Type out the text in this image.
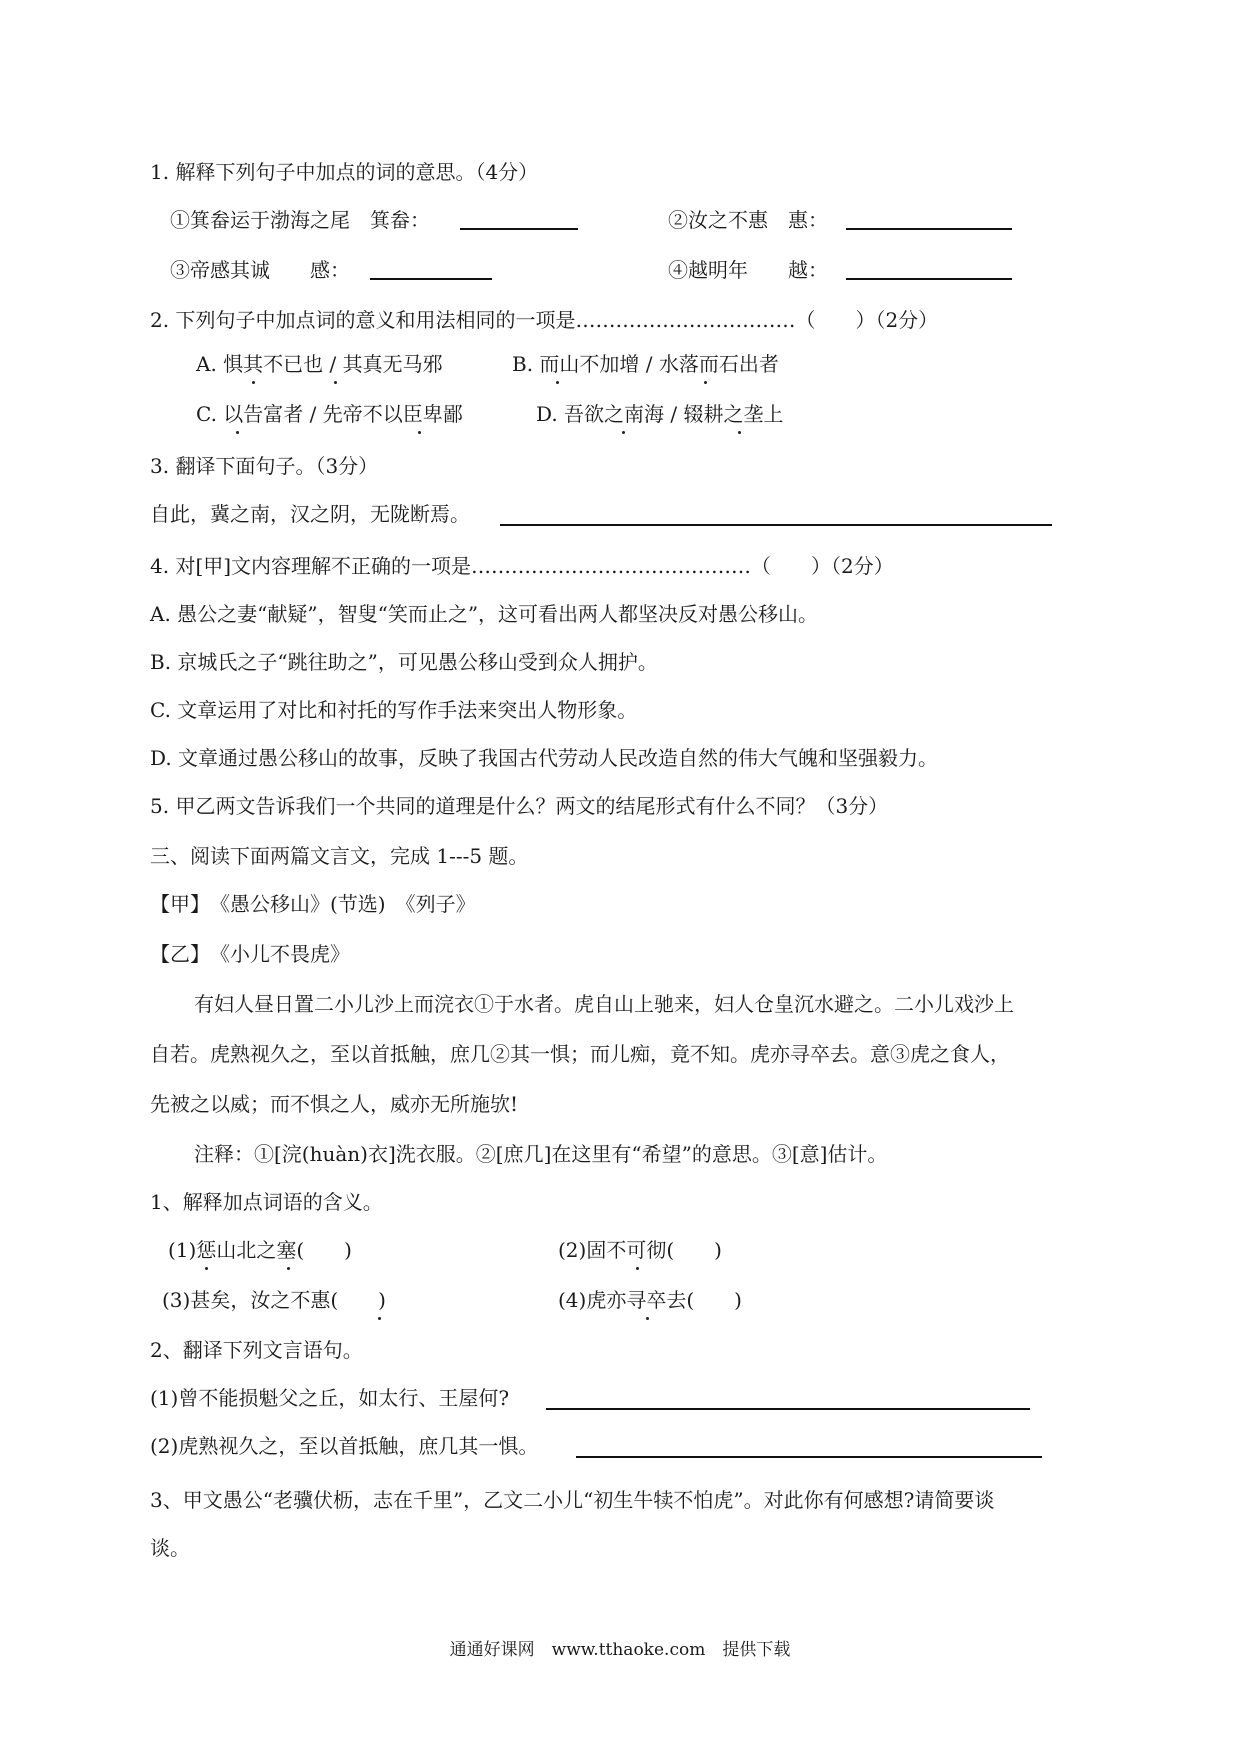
1. 解释下列句子中加点的词的意思。（4分）
①箕畚运于渤海之尾　箕畚：	②汝之不惠　惠：
③帝感其诚　　感：	④越明年　　越：
2. 下列句子中加点词的意义和用法相同的一项是……………………………（　　）（2分）
A. 惧其不已也 / 其真无马邪	B. 而山不加增 / 水落而石出者
C. 以告富者 / 先帝不以臣卑鄙	D. 吾欲之南海 / 辍耕之垄上
3. 翻译下面句子。（3分）
自此，冀之南，汉之阴，无陇断焉。
4. 对[甲]文内容理解不正确的一项是……………………………………（　　）（2分）
A. 愚公之妻“献疑”，智叟“笑而止之”，这可看出两人都坚决反对愚公移山。
B. 京城氏之子“跳往助之”，可见愚公移山受到众人拥护。
C. 文章运用了对比和衬托的写作手法来突出人物形象。
D. 文章通过愚公移山的故事，反映了我国古代劳动人民改造自然的伟大气魄和坚强毅力。
5. 甲乙两文告诉我们一个共同的道理是什么？两文的结尾形式有什么不同？（3分）
三、阅读下面两篇文言文，完成 1---5 题。
【甲】　《愚公移山》(节选)　《列子》
【乙】　《小儿不畏虎》
有妇人昼日置二小儿沙上而浣衣①于水者。虎自山上驰来，妇人仓皇沉水避之。二小儿戏沙上
自若。虎熟视久之，至以首抵触，庶几②其一惧；而儿痴，竟不知。虎亦寻卒去。意③虎之食人，
先被之以威；而不惧之人，威亦无所施欤!
注释：①[浣(huàn)衣]洗衣服。②[庶几]在这里有“希望”的意思。③[意]估计。
1、解释加点词语的含义。
(1)惩山北之塞(　　)	(2)固不可彻(　　)
(3)甚矣，汝之不惠(　　)	(4)虎亦寻卒去(　　)
2、翻译下列文言语句。
(1)曾不能损魁父之丘，如太行、王屋何?
(2)虎熟视久之，至以首抵触，庶几其一惧。
3、甲文愚公“老骥伏枥，志在千里”，乙文二小儿“初生牛犊不怕虎”。对此你有何感想?请简要谈
谈。
通通好课网　www.tthaoke.com　提供下载
